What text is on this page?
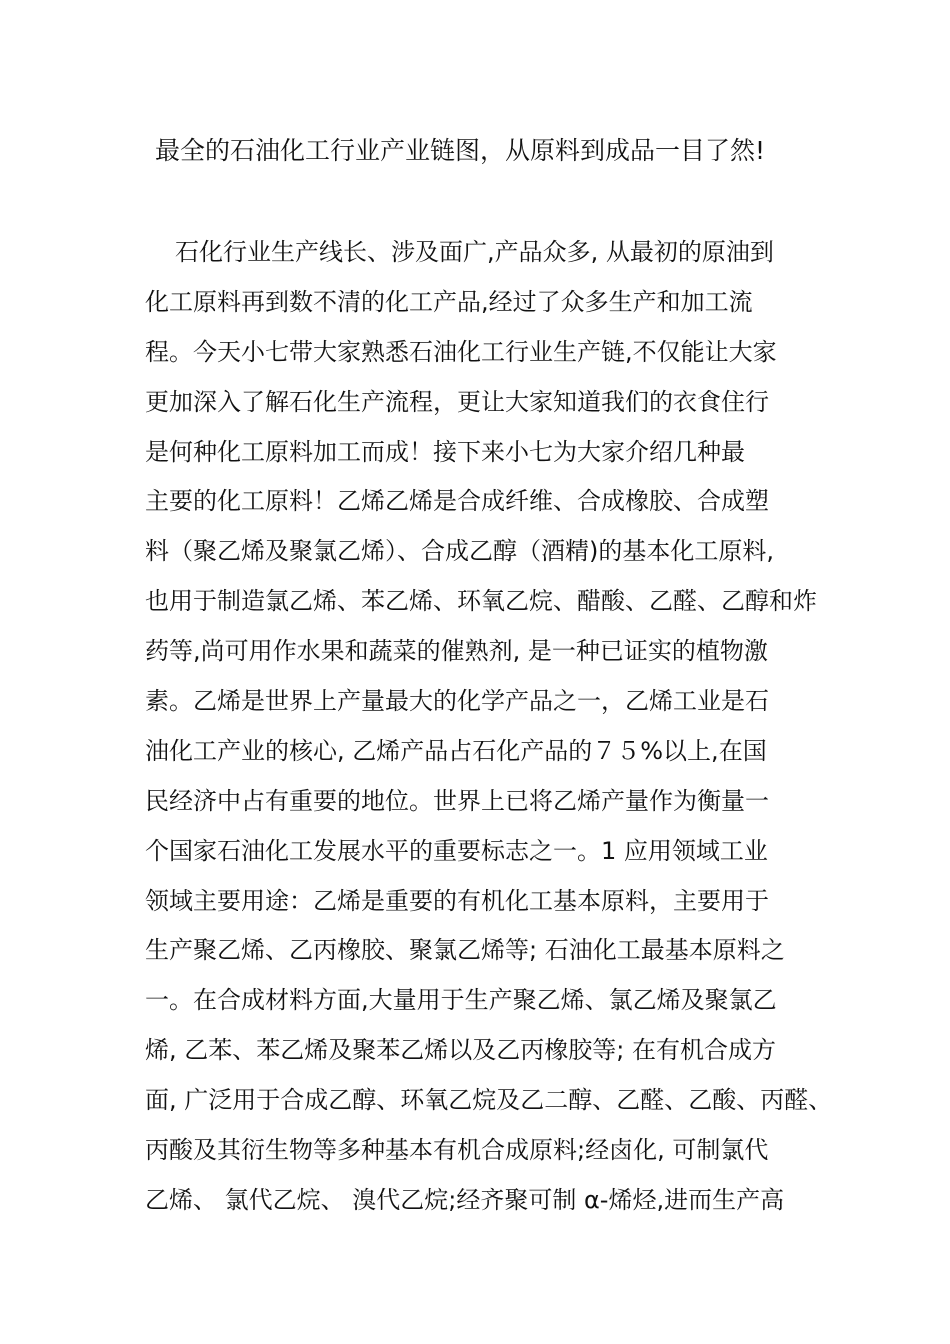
最全的石油化工行业产业链图，从原料到成品一目了然!
石化行业生产线长、涉及面广,产品众多, 从最初的原油到
化工原料再到数不清的化工产品,经过了众多生产和加工流
程。今天小七带大家熟悉石油化工行业生产链,不仅能让大家
更加深入了解石化生产流程，更让大家知道我们的衣食住行
是何种化工原料加工而成！接下来小七为大家介绍几种最
主要的化工原料！乙烯乙烯是合成纤维、合成橡胶、合成塑
料（聚乙烯及聚氯乙烯）、合成乙醇（酒精)的基本化工原料,
也用于制造氯乙烯、苯乙烯、环氧乙烷、醋酸、乙醛、乙醇和炸
药等,尚可用作水果和蔬菜的催熟剂, 是一种已证实的植物激
素。乙烯是世界上产量最大的化学产品之一，乙烯工业是石
油化工产业的核心, 乙烯产品占石化产品的７５%以上,在国
民经济中占有重要的地位。世界上已将乙烯产量作为衡量一
个国家石油化工发展水平的重要标志之一。1 应用领域工业
领域主要用途：乙烯是重要的有机化工基本原料，主要用于
生产聚乙烯、乙丙橡胶、聚氯乙烯等; 石油化工最基本原料之
一。在合成材料方面,大量用于生产聚乙烯、氯乙烯及聚氯乙
烯, 乙苯、苯乙烯及聚苯乙烯以及乙丙橡胶等; 在有机合成方
面, 广泛用于合成乙醇、环氧乙烷及乙二醇、乙醛、乙酸、丙醛、
丙酸及其衍生物等多种基本有机合成原料;经卤化, 可制氯代
乙烯、 氯代乙烷、 溴代乙烷;经齐聚可制 α-烯烃,进而生产高
